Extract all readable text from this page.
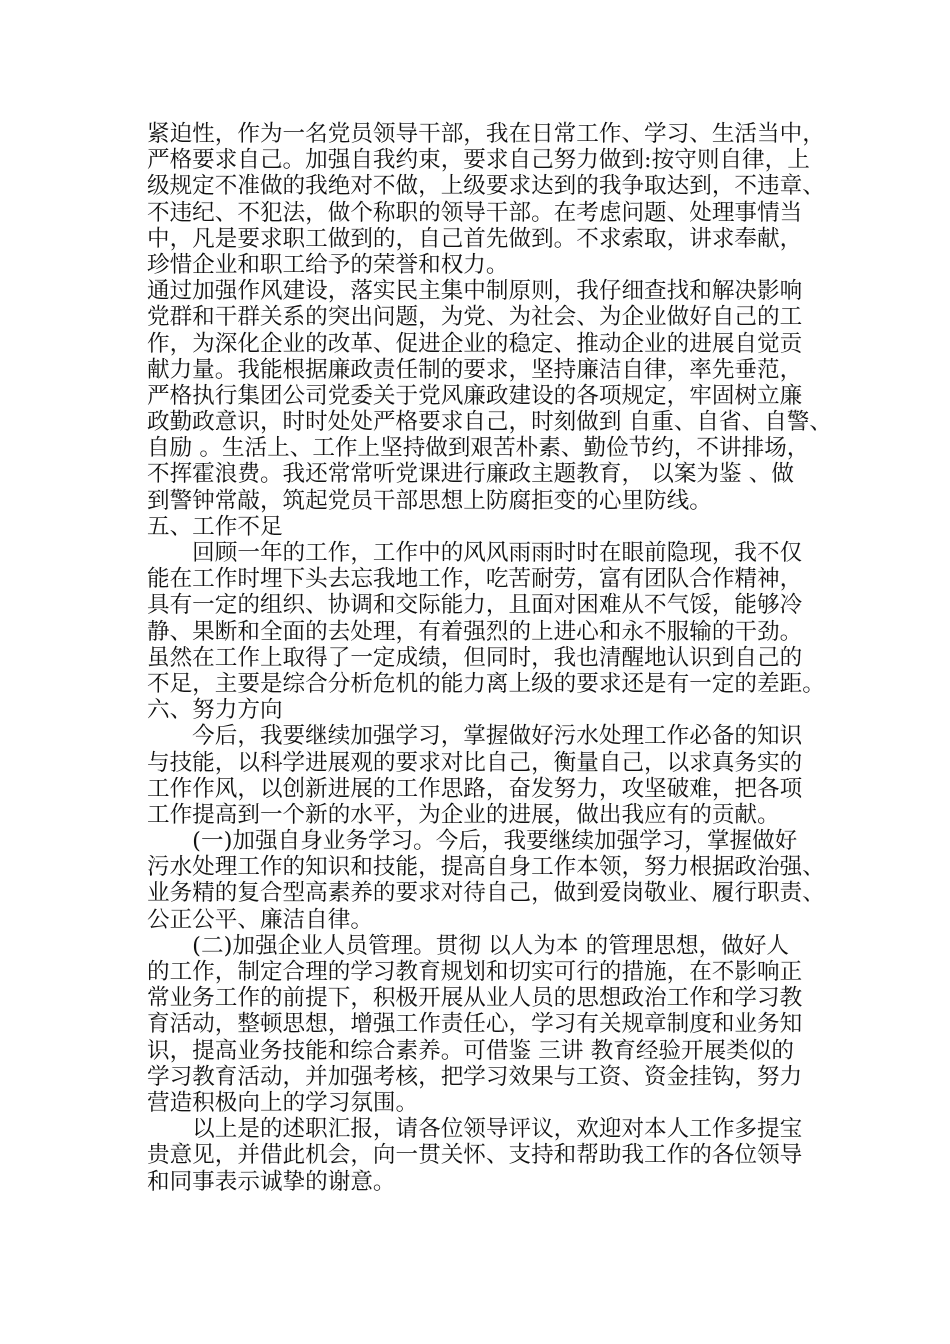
紧迫性，作为一名党员领导干部，我在日常工作、学习、生活当中，
严格要求自己。加强自我约束，要求自己努力做到:按守则自律，上
级规定不准做的我绝对不做，上级要求达到的我争取达到，不违章、
不违纪、不犯法，做个称职的领导干部。在考虑问题、处理事情当
中，凡是要求职工做到的，自己首先做到。不求索取，讲求奉献，
珍惜企业和职工给予的荣誉和权力。
通过加强作风建设，落实民主集中制原则，我仔细查找和解决影响
党群和干群关系的突出问题，为党、为社会、为企业做好自己的工
作，为深化企业的改革、促进企业的稳定、推动企业的进展自觉贡
献力量。我能根据廉政责任制的要求，坚持廉洁自律，率先垂范，
严格执行集团公司党委关于党风廉政建设的各项规定，牢固树立廉
政勤政意识，时时处处严格要求自己，时刻做到 自重、自省、自警、
自励 。生活上、工作上坚持做到艰苦朴素、勤俭节约，不讲排场，
不挥霍浪费。我还常常听党课进行廉政主题教育， 以案为鉴 、做
到警钟常敲，筑起党员干部思想上防腐拒变的心里防线。
五、工作不足
　　回顾一年的工作，工作中的风风雨雨时时在眼前隐现，我不仅
能在工作时埋下头去忘我地工作，吃苦耐劳，富有团队合作精神，
具有一定的组织、协调和交际能力，且面对困难从不气馁，能够冷
静、果断和全面的去处理，有着强烈的上进心和永不服输的干劲。
虽然在工作上取得了一定成绩，但同时，我也清醒地认识到自己的
不足，主要是综合分析危机的能力离上级的要求还是有一定的差距。
六、努力方向
　　今后，我要继续加强学习，掌握做好污水处理工作必备的知识
与技能，以科学进展观的要求对比自己，衡量自己，以求真务实的
工作作风，以创新进展的工作思路，奋发努力，攻坚破难，把各项
工作提高到一个新的水平，为企业的进展，做出我应有的贡献。
　　(一)加强自身业务学习。今后，我要继续加强学习，掌握做好
污水处理工作的知识和技能，提高自身工作本领，努力根据政治强、
业务精的复合型高素养的要求对待自己，做到爱岗敬业、履行职责、
公正公平、廉洁自律。
　　(二)加强企业人员管理。贯彻 以人为本 的管理思想，做好人
的工作，制定合理的学习教育规划和切实可行的措施，在不影响正
常业务工作的前提下，积极开展从业人员的思想政治工作和学习教
育活动，整顿思想，增强工作责任心，学习有关规章制度和业务知
识，提高业务技能和综合素养。可借鉴 三讲 教育经验开展类似的
学习教育活动，并加强考核，把学习效果与工资、资金挂钩，努力
营造积极向上的学习氛围。
　　以上是的述职汇报，请各位领导评议，欢迎对本人工作多提宝
贵意见，并借此机会，向一贯关怀、支持和帮助我工作的各位领导
和同事表示诚挚的谢意。
